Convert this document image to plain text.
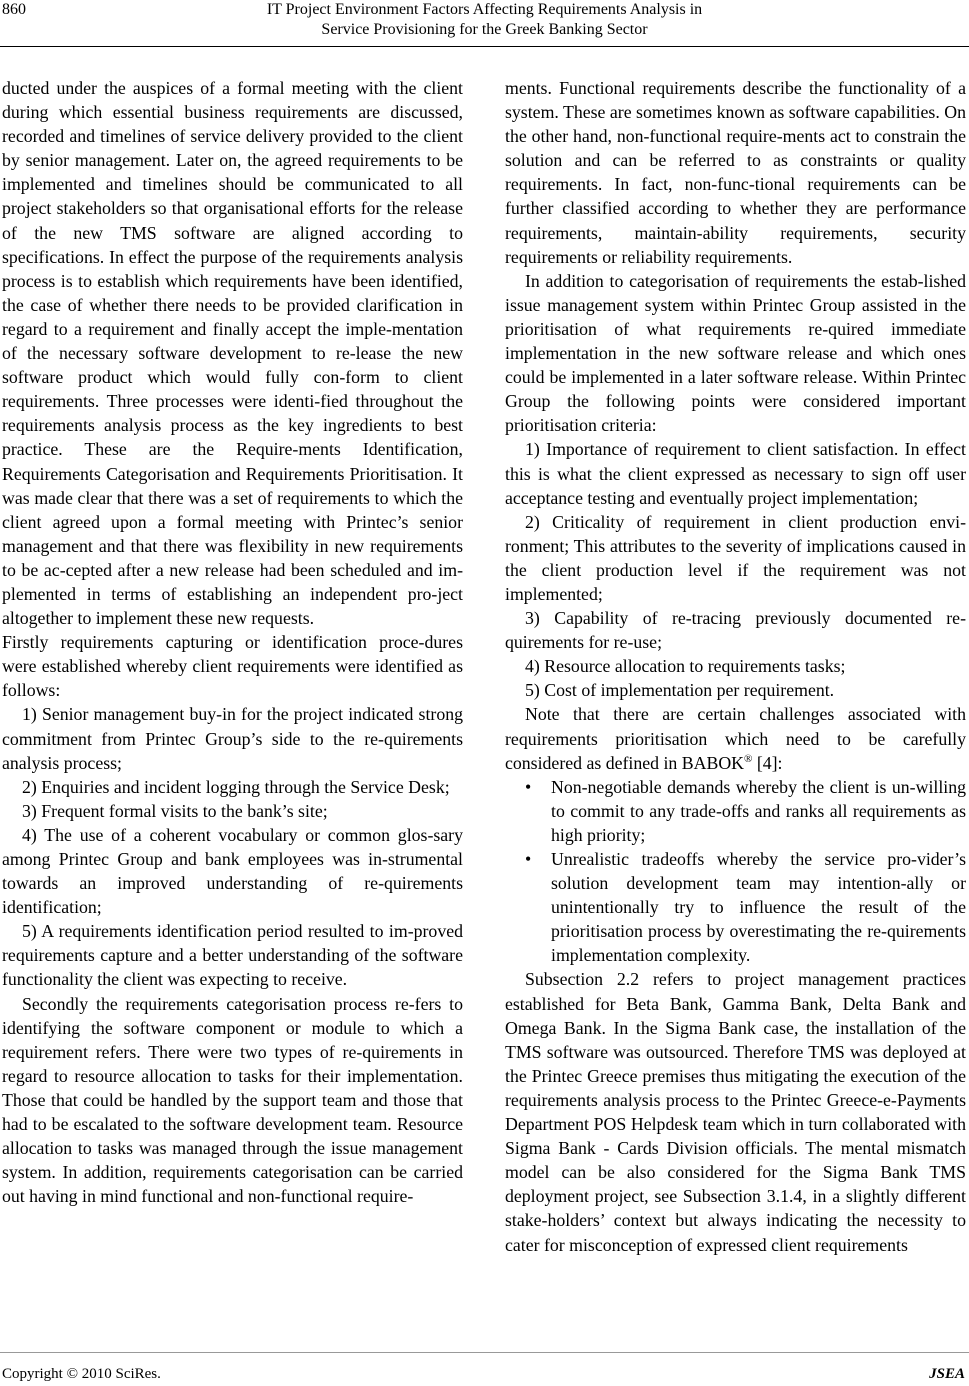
860	IT Project Environment Factors Affecting Requirements Analysis in
Service Provisioning for the Greek Banking Sector

ducted under the auspices of a formal meeting with the client during which essential business requirements are discussed, recorded and timelines of service delivery provided to the client by senior management. Later on, the agreed requirements to be implemented and timelines should be communicated to all project stakeholders so that organisational efforts for the release of the new TMS software are aligned according to specifications. In effect the purpose of the requirements analysis process is to establish which requirements have been identified, the case of whether there needs to be provided clarification in regard to a requirement and finally accept the imple-mentation of the necessary software development to re-lease the new software product which would fully con-form to client requirements. Three processes were identi-fied throughout the requirements analysis process as the key ingredients to best practice. These are the Require-ments Identification, Requirements Categorisation and Requirements Prioritisation. It was made clear that there was a set of requirements to which the client agreed upon a formal meeting with Printec’s senior management and that there was flexibility in new requirements to be ac-cepted after a new release had been scheduled and im-plemented in terms of establishing an independent pro-ject altogether to implement these new requests.

Firstly requirements capturing or identification proce-dures were established whereby client requirements were identified as follows:

1) Senior management buy-in for the project indicated strong commitment from Printec Group’s side to the re-quirements analysis process;

2) Enquiries and incident logging through the Service Desk;

3) Frequent formal visits to the bank’s site;

4) The use of a coherent vocabulary or common glos-sary among Printec Group and bank employees was in-strumental towards an improved understanding of re-quirements identification;

5) A requirements identification period resulted to im-proved requirements capture and a better understanding of the software functionality the client was expecting to receive.

Secondly the requirements categorisation process re-fers to identifying the software component or module to which a requirement refers. There were two types of re-quirements in regard to resource allocation to tasks for their implementation. Those that could be handled by the support team and those that had to be escalated to the software development team. Resource allocation to tasks was managed through the issue management system. In addition, requirements categorisation can be carried out having in mind functional and non-functional require-

ments. Functional requirements describe the functionality of a system. These are sometimes known as software capabilities. On the other hand, non-functional require-ments act to constrain the solution and can be referred to as constraints or quality requirements. In fact, non-func-tional requirements can be further classified according to whether they are performance requirements, maintain-ability requirements, security requirements or reliability requirements.

In addition to categorisation of requirements the estab-lished issue management system within Printec Group assisted in the prioritisation of what requirements re-quired immediate implementation in the new software release and which ones could be implemented in a later software release. Within Printec Group the following points were considered important prioritisation criteria:

1) Importance of requirement to client satisfaction. In effect this is what the client expressed as necessary to sign off user acceptance testing and eventually project implementation;

2) Criticality of requirement in client production envi-ronment; This attributes to the severity of implications caused in the client production level if the requirement was not implemented;

3) Capability of re-tracing previously documented re-quirements for re-use;

4) Resource allocation to requirements tasks;

5) Cost of implementation per requirement.

Note that there are certain challenges associated with requirements prioritisation which need to be carefully considered as defined in BABOK® [4]:

• Non-negotiable demands whereby the client is un-willing to commit to any trade-offs and ranks all requirements as high priority;
• Unrealistic tradeoffs whereby the service pro-vider’s solution development team may intention-ally or unintentionally try to influence the result of the prioritisation process by overestimating the re-quirements implementation complexity.

Subsection 2.2 refers to project management practices established for Beta Bank, Gamma Bank, Delta Bank and Omega Bank. In the Sigma Bank case, the installation of the TMS software was outsourced. Therefore TMS was deployed at the Printec Greece premises thus mitigating the execution of the requirements analysis process to the Printec Greece-e-Payments Department POS Helpdesk team which in turn collaborated with Sigma Bank - Cards Division officials. The mental mismatch model can be also considered for the Sigma Bank TMS deployment project, see Subsection 3.1.4, in a slightly different stake-holders’ context but always indicating the necessity to cater for misconception of expressed client requirements

Copyright © 2010 SciRes.	JSEA
